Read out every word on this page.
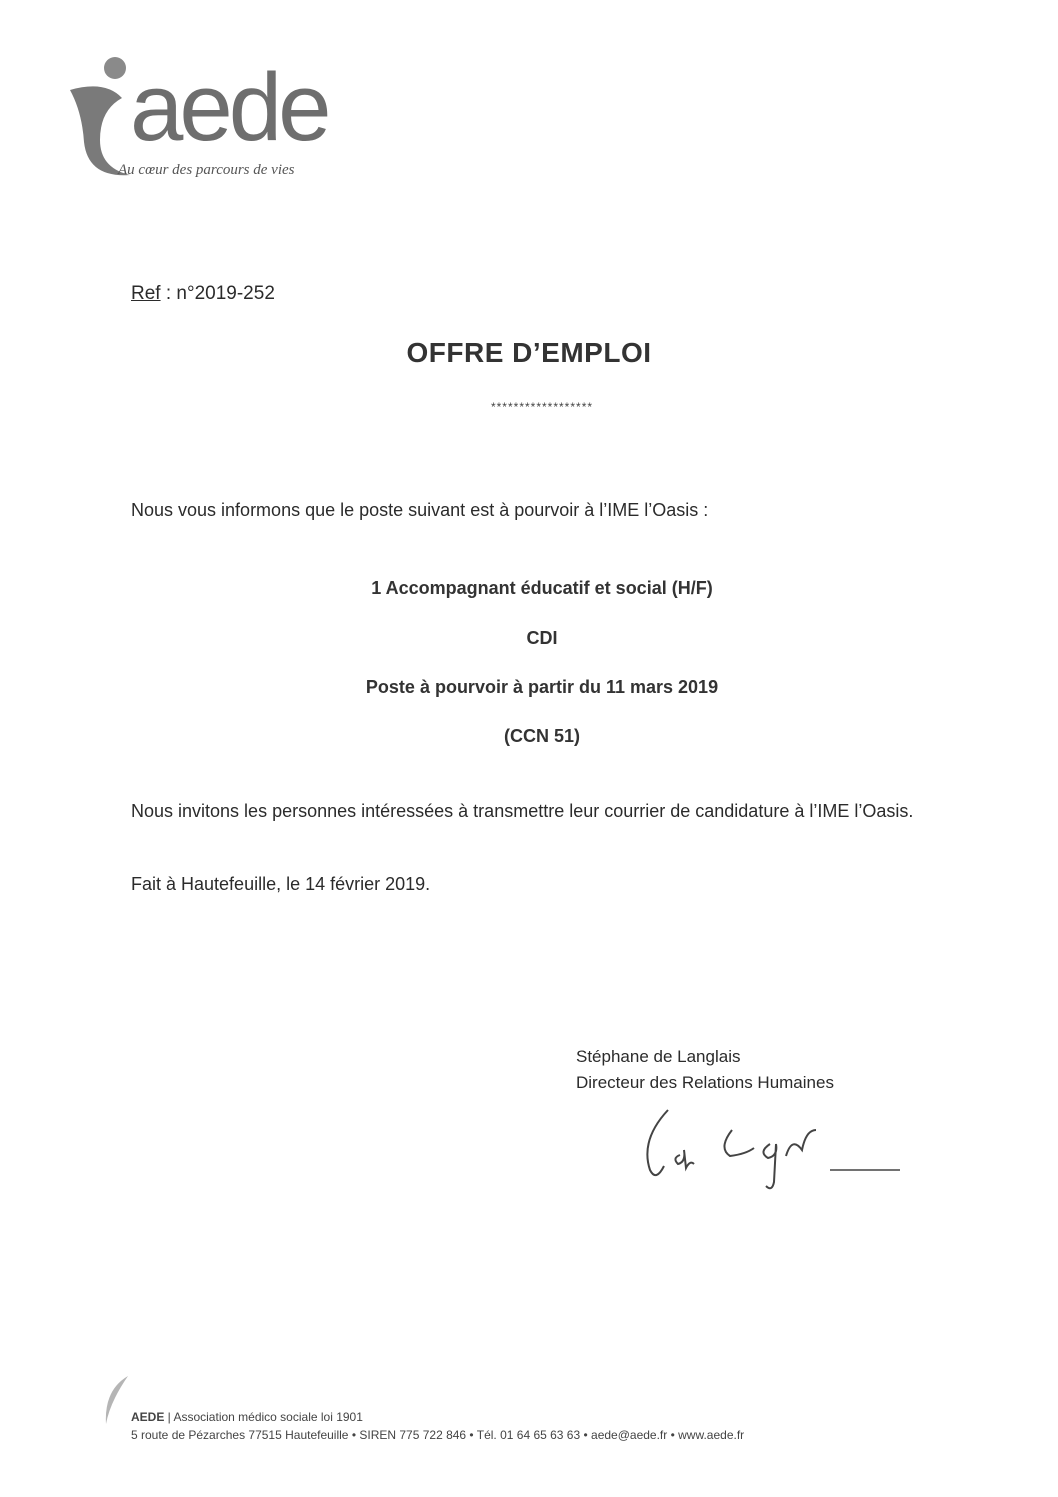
aede
Au cœur des parcours de vies
Ref : n°2019-252
OFFRE D’EMPLOI
******************
Nous vous informons que le poste suivant est à pourvoir à l’IME l’Oasis :
1 Accompagnant éducatif et social (H/F)
CDI
Poste à pourvoir à partir du 11 mars 2019
(CCN 51)
Nous invitons les personnes intéressées à transmettre leur courrier de candidature à l’IME l’Oasis.
Fait à Hautefeuille, le 14 février 2019.
Stéphane de Langlais
Directeur des Relations Humaines
AEDE | Association médico sociale loi 1901
5 route de Pézarches 77515 Hautefeuille • SIREN 775 722 846 • Tél. 01 64 65 63 63 • aede@aede.fr • www.aede.fr
